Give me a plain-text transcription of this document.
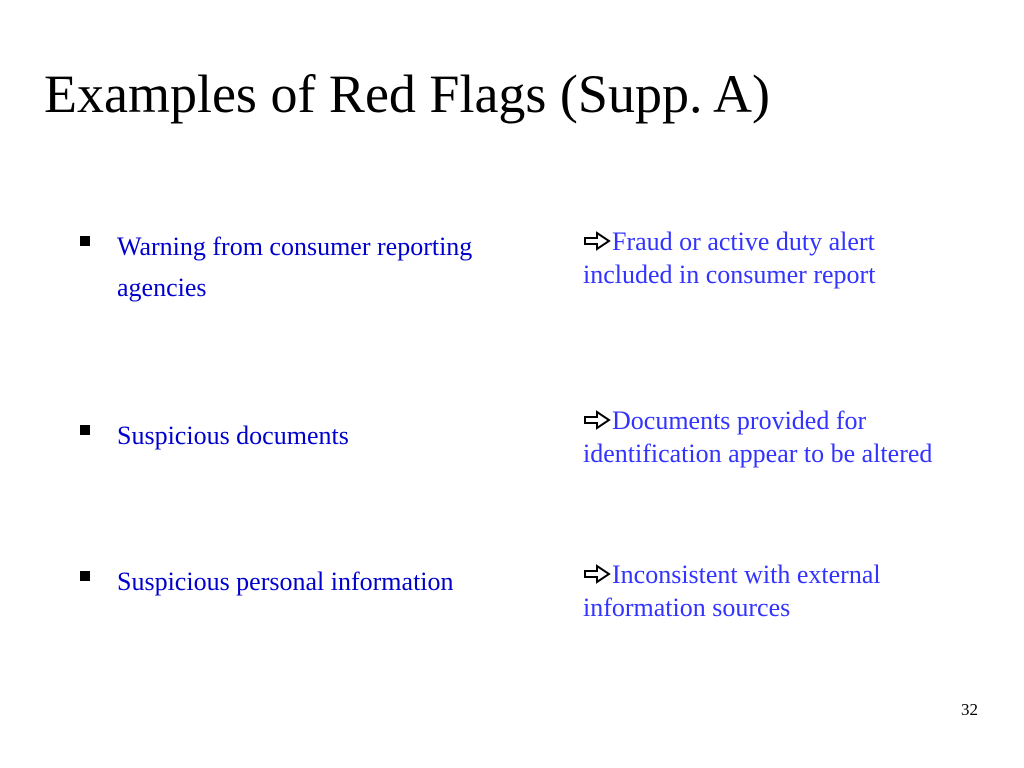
Examples of Red Flags (Supp. A)
Warning from consumer reporting agencies
Suspicious documents
Suspicious personal information
Fraud or active duty alert included in consumer report
Documents provided for identification appear to be altered
Inconsistent with external information sources
32
